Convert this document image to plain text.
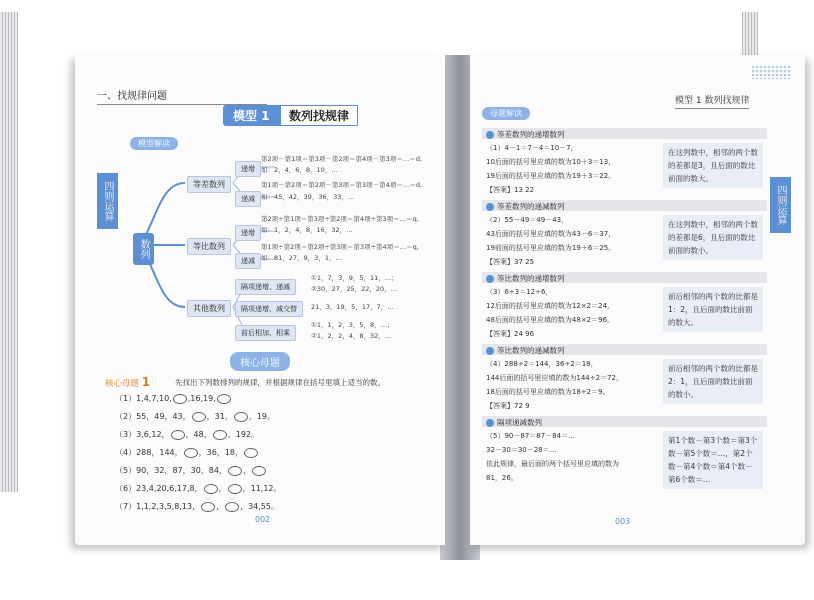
一、找规律问题
模型 1	数列找规律
模型解读
四则运算
数列
等差数列
等比数列
其他数列
递增
第2项－第1项＝第3项－第2项＝第4项－第3项＝…＝d,
如：2，4，6，8，10，…
递减
第1项－第2项＝第2项－第3项＝第3项－第4项＝…＝d,
如：45，42，39，36，33，…
递增
第2项÷第1项＝第3项÷第2项＝第4项÷第3项＝…＝q,
如：1，2，4，8，16，32，…
递减
第1项÷第2项＝第2项÷第3项＝第3项÷第4项＝…＝q,
如：81，27，9，3，1，…
隔项递增、递减
①1，7，3，9，5，11，…；
②30，27，25，22，20，…
隔项递增、减交替	21，3，19，5，17，7，…
前后相加、相乘
①1，1，2，3，5，8，…；
②1，2，2，4，8，32，…
核心母题
核心母题 1	先找出下列数排列的规律，并根据规律在括号里填上适当的数。
（1）1,4,7,10, ,16,19,
（2）55，49，43， ，31， ，19。
（3）3,6,12， ，48， ，192。
（4）288，144， ，36，18，
（5）90，32，87，30，84， ，
（6）23,4,20,6,17,8， ， ，11,12。
（7）1,1,2,3,5,8,13， ， ，34,55。
002
模型 1 数列找规律
母题解读
四则运算
等差数列的递增数列
（1）4－1＝7－4＝10－7，
10后面的括号里应填的数为10＋3＝13，
19后面的括号里应填的数为19＋3＝22。
【答案】13 22
在这列数中，相邻的两个数的差都是3，且后面的数比前面的数大。
等差数列的递减数列
（2）55－49＝49－43，
43后面的括号里应填的数为43－6＝37，
19前面的括号里应填的数为19＋6＝25。
【答案】37 25
在这列数中，相邻的两个数的差都是6，且后面的数比前面的数小。
等比数列的递增数列
（3）6÷3＝12÷6，
12后面的括号里应填的数为12×2＝24，
48后面的括号里应填的数为48×2＝96。
【答案】24 96
前后相邻的两个数的比都是1：2，且后面的数比前面的数大。
等比数列的递减数列
（4）288÷2＝144，36÷2＝18，
144后面的括号里应填的数为144÷2＝72，
18后面的括号里应填的数为18÷2＝9。
【答案】72 9
前后相邻的两个数的比都是2：1，且后面的数比前面的数小。
隔项递减数列
（5）90－87＝87－84＝…
32－30＝30－28＝…
依此规律，最后面的两个括号里应填的数为
81，26。
第1个数－第3个数＝第3个数－第5个数＝…，第2个数－第4个数＝第4个数－第6个数＝…
003
